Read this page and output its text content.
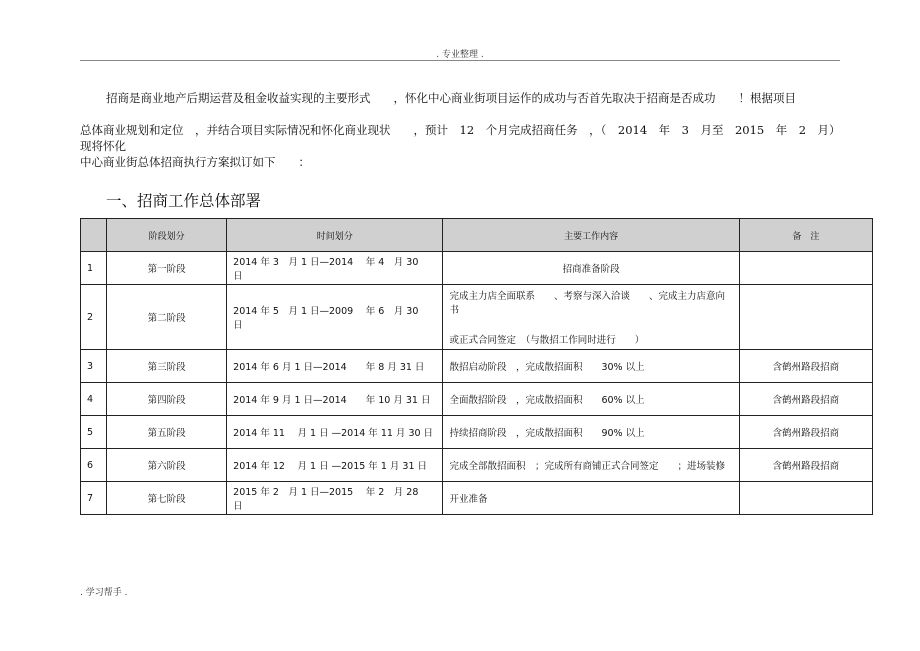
. 专业整理 .
招商是商业地产后期运营及租金收益实现的主要形式　　，怀化中心商业街项目运作的成功与否首先取决于招商是否成功　　！根据项目
总体商业规划和定位　，并结合项目实际情况和怀化商业现状　　，预计　12　个月完成招商任务　，（　2014　年　3　月至　2015　年　2　月）现将怀化
中心商业街总体招商执行方案拟订如下　　：
一、招商工作总体部署
	阶段划分	时间划分	主要工作内容	备　注
1	第一阶段	2014 年 3　月 1 日—2014　 年 4　月 30　日	招商准备阶段	
2	第二阶段	2014 年 5　月 1 日—2009　 年 6　月 30　日	完成主力店全面联系　　、考察与深入洽谈　　、完成主力店意向书
或正式合同签定　（与散招工作同时进行　　）	

3	第三阶段	2014 年 6 月 1 日—2014　　年 8 月 31 日	散招启动阶段　，完成散招面积　　30% 以上	含鹤州路段招商
4	第四阶段	2014 年 9 月 1 日—2014　　年 10 月 31 日	全面散招阶段　，完成散招面积　　60% 以上	含鹤州路段招商
5	第五阶段	2014 年 11　 月 1 日 —2014 年 11 月 30 日	持续招商阶段　，完成散招面积　　90% 以上	含鹤州路段招商
6	第六阶段	2014 年 12　 月 1 日 —2015 年 1 月 31 日	完成全部散招面积　；完成所有商铺正式合同签定　　；进场装修	含鹤州路段招商
7	第七阶段	2015 年 2　月 1 日—2015　 年 2　月 28　日	开业准备	
. 学习帮手 .
